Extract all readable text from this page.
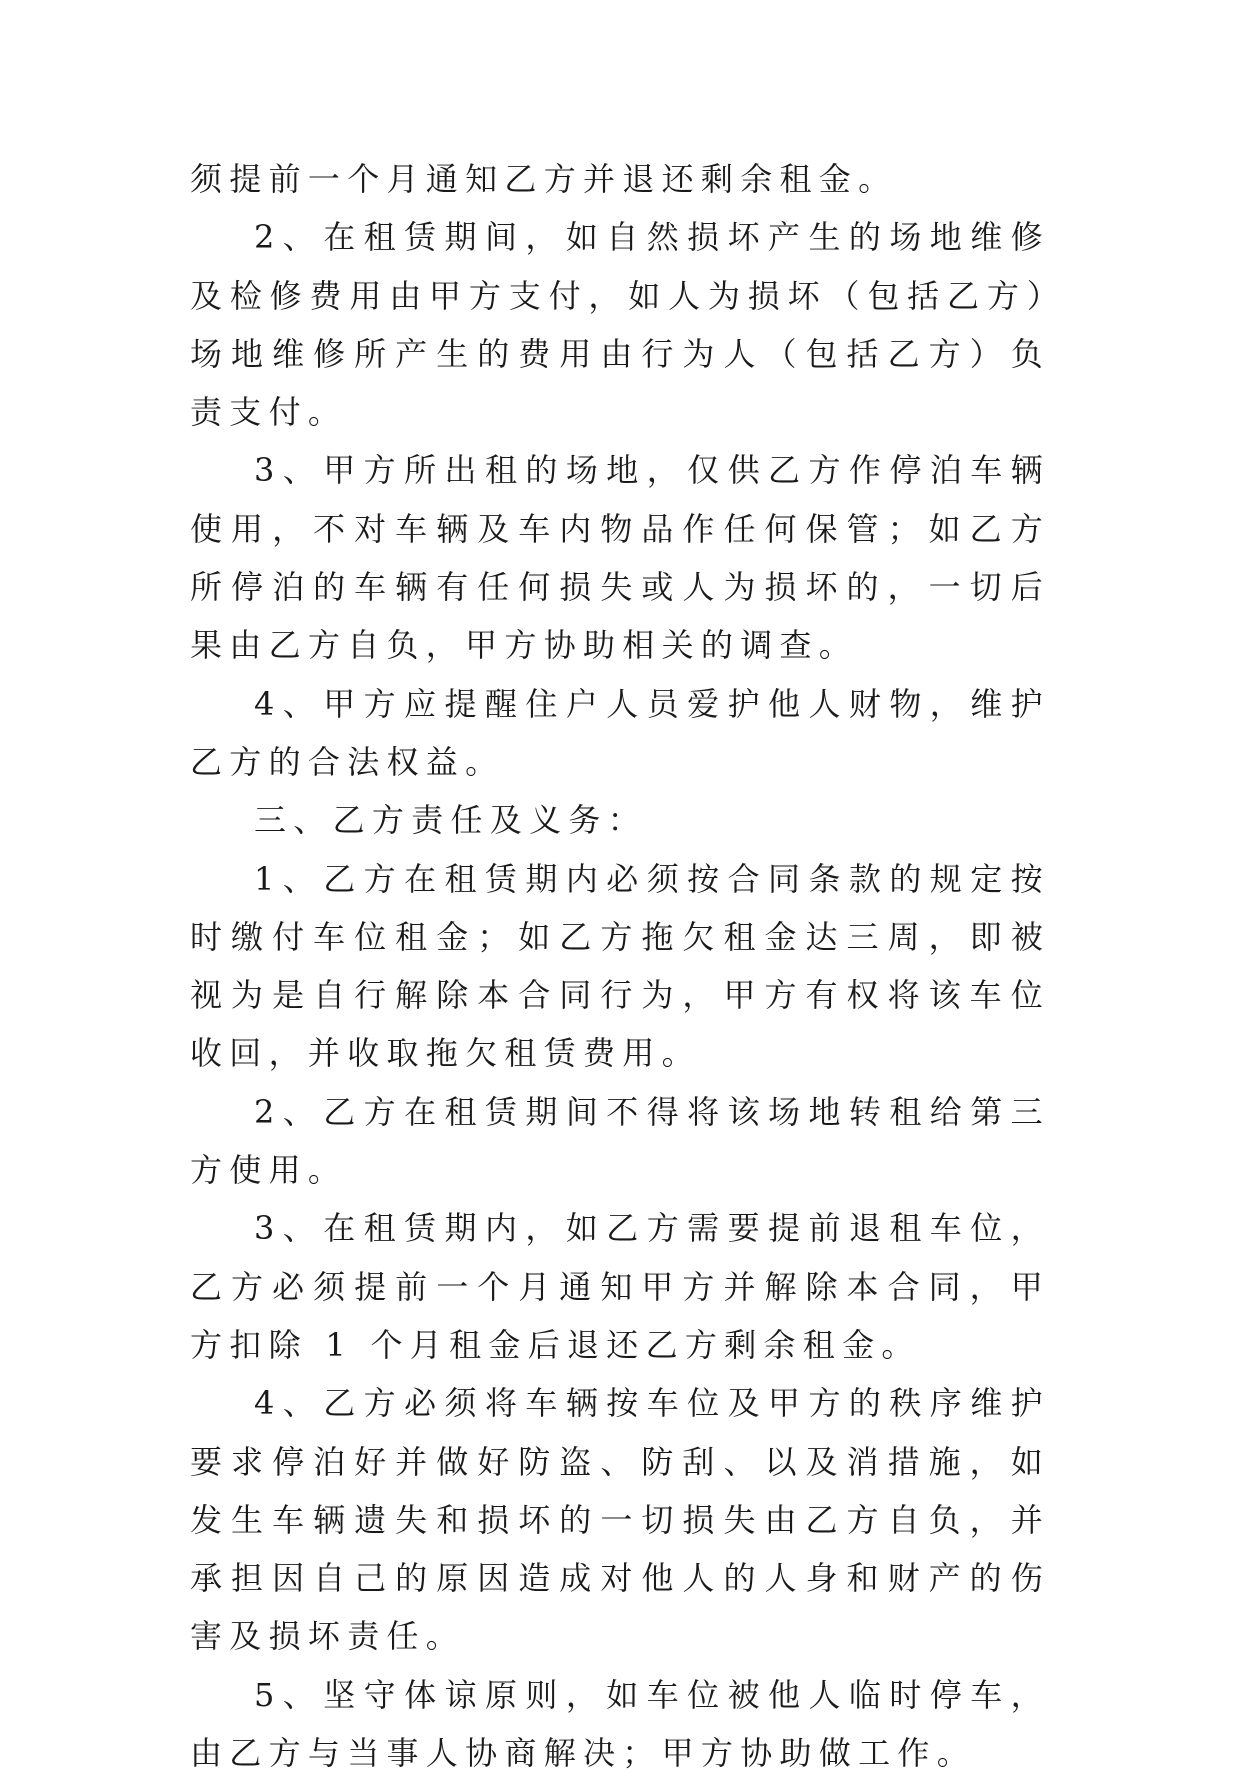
须提前一个月通知乙方并退还剩余租金。

2、在租赁期间，如自然损坏产生的场地维修及检修费用由甲方支付，如人为损坏（包括乙方）场地维修所产生的费用由行为人（包括乙方）负责支付。

3、甲方所出租的场地，仅供乙方作停泊车辆使用，不对车辆及车内物品作任何保管；如乙方所停泊的车辆有任何损失或人为损坏的，一切后果由乙方自负，甲方协助相关的调查。

4、甲方应提醒住户人员爱护他人财物，维护乙方的合法权益。

三、乙方责任及义务：

1、乙方在租赁期内必须按合同条款的规定按时缴付车位租金；如乙方拖欠租金达三周，即被视为是自行解除本合同行为，甲方有权将该车位收回，并收取拖欠租赁费用。

2、乙方在租赁期间不得将该场地转租给第三方使用。

3、在租赁期内，如乙方需要提前退租车位，乙方必须提前一个月通知甲方并解除本合同，甲方扣除 1 个月租金后退还乙方剩余租金。

4、乙方必须将车辆按车位及甲方的秩序维护要求停泊好并做好防盗、防刮、以及消措施，如发生车辆遗失和损坏的一切损失由乙方自负，并承担因自己的原因造成对他人的人身和财产的伤害及损坏责任。

5、坚守体谅原则，如车位被他人临时停车，由乙方与当事人协商解决；甲方协助做工作。
